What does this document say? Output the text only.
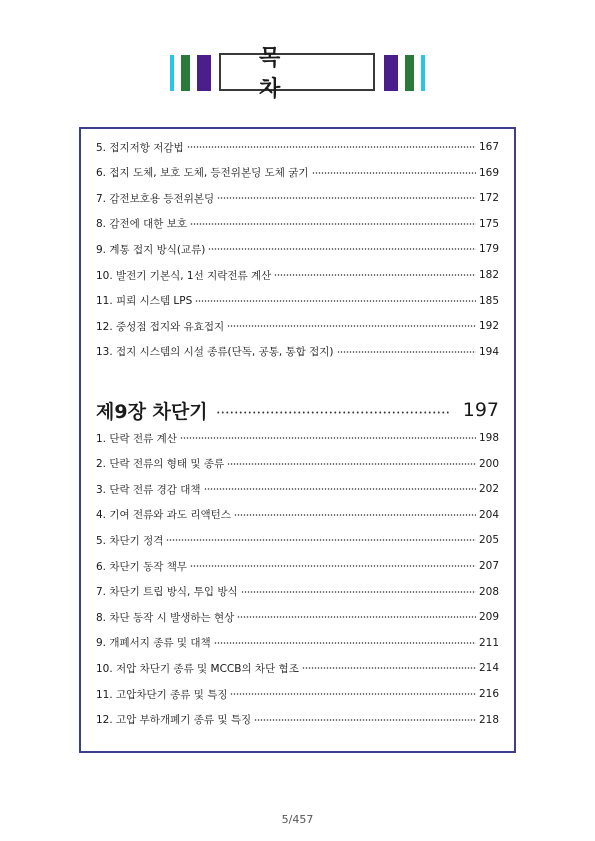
목 차
5. 접지저항 저감법	167
6. 접지 도체, 보호 도체, 등전위본딩 도체 굵기	169
7. 감전보호용 등전위본딩	172
8. 감전에 대한 보호	175
9. 계통 접지 방식(교류)	179
10. 발전기 기본식, 1선 지락전류 계산	182
11. 피뢰 시스템 LPS	185
12. 중성점 접지와 유효접지	192
13. 접지 시스템의 시설 종류(단독, 공통, 통합 접지)	194
제9장 차단기	197
1. 단락 전류 계산	198
2. 단락 전류의 형태 및 종류	200
3. 단락 전류 경감 대책	202
4. 기여 전류와 과도 리액턴스	204
5. 차단기 정격	205
6. 차단기 동작 책무	207
7. 차단기 트립 방식, 투입 방식	208
8. 차단 동작 시 발생하는 현상	209
9. 개폐서지 종류 및 대책	211
10. 저압 차단기 종류 및 MCCB의 차단 협조	214
11. 고압차단기 종류 및 특징	216
12. 고압 부하개폐기 종류 및 특징	218
5/457
